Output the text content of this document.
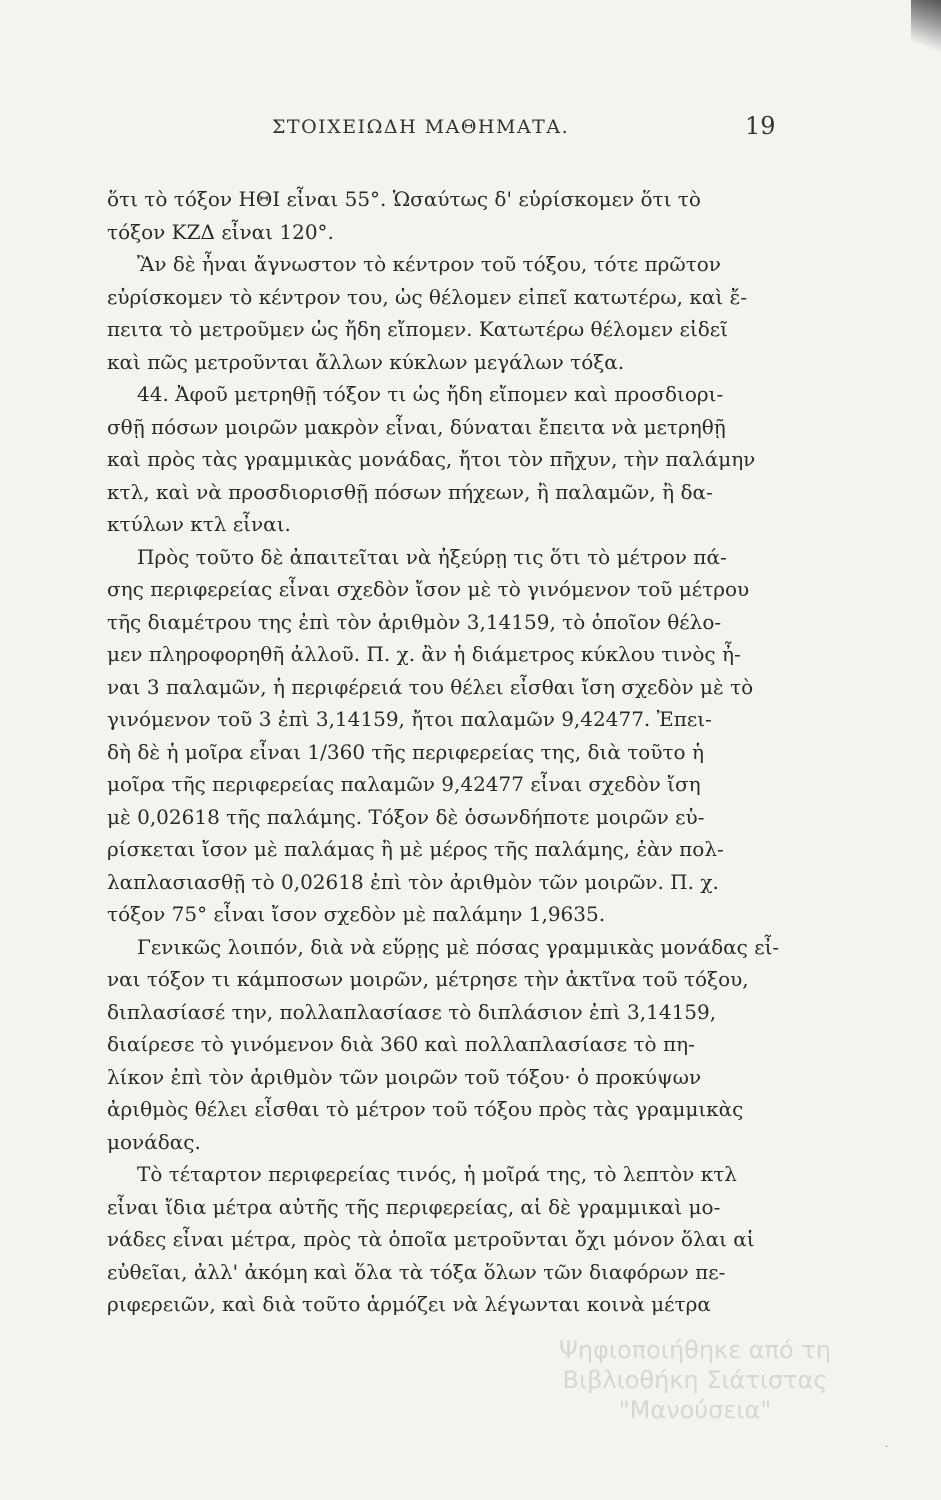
ΣΤΟΙΧΕΙΩΔΗ ΜΑΘΗΜΑΤΑ.	19
ὅτι τὸ τόξον ΗΘΙ εἶναι 55°. Ὡσαύτως δ' εὑρίσκομεν ὅτι τὸ
τόξον ΚΖΔ εἶναι 120°.
Ἂν δὲ ἦναι ἄγνωστον τὸ κέντρον τοῦ τόξου, τότε πρῶτον
εὑρίσκομεν τὸ κέντρον του, ὡς θέλομεν εἰπεῖ κατωτέρω, καὶ ἔ-
πειτα τὸ μετροῦμεν ὡς ἤδη εἴπομεν. Κατωτέρω θέλομεν εἰδεῖ
καὶ πῶς μετροῦνται ἄλλων κύκλων μεγάλων τόξα.
44. Ἀφοῦ μετρηθῇ τόξον τι ὡς ἤδη εἴπομεν καὶ προσδιορι-
σθῇ πόσων μοιρῶν μακρὸν εἶναι, δύναται ἔπειτα νὰ μετρηθῇ
καὶ πρὸς τὰς γραμμικὰς μονάδας, ἤτοι τὸν πῆχυν, τὴν παλάμην
κτλ, καὶ νὰ προσδιορισθῇ πόσων πήχεων, ἢ παλαμῶν, ἢ δα-
κτύλων κτλ εἶναι.
Πρὸς τοῦτο δὲ ἀπαιτεῖται νὰ ἠξεύρῃ τις ὅτι τὸ μέτρον πά-
σης περιφερείας εἶναι σχεδὸν ἴσον μὲ τὸ γινόμενον τοῦ μέτρου
τῆς διαμέτρου της ἐπὶ τὸν ἀριθμὸν 3,14159, τὸ ὁποῖον θέλο-
μεν πληροφορηθῆ ἀλλοῦ. Π. χ. ἂν ἡ διάμετρος κύκλου τινὸς ἦ-
ναι 3 παλαμῶν, ἡ περιφέρειά του θέλει εἶσθαι ἴση σχεδὸν μὲ τὸ
γινόμενον τοῦ 3 ἐπὶ 3,14159, ἤτοι παλαμῶν 9,42477. Ἐπει-
δὴ δὲ ἡ μοῖρα εἶναι 1/360 τῆς περιφερείας της, διὰ τοῦτο ἡ
μοῖρα τῆς περιφερείας παλαμῶν 9,42477 εἶναι σχεδὸν ἴση
μὲ 0,02618 τῆς παλάμης. Τόξον δὲ ὁσωνδήποτε μοιρῶν εὑ-
ρίσκεται ἴσον μὲ παλάμας ἢ μὲ μέρος τῆς παλάμης, ἐὰν πολ-
λαπλασιασθῇ τὸ 0,02618 ἐπὶ τὸν ἀριθμὸν τῶν μοιρῶν. Π. χ.
τόξον 75° εἶναι ἴσον σχεδὸν μὲ παλάμην 1,9635.
Γενικῶς λοιπόν, διὰ νὰ εὕρῃς μὲ πόσας γραμμικὰς μονάδας εἶ-
ναι τόξον τι κάμποσων μοιρῶν, μέτρησε τὴν ἀκτῖνα τοῦ τόξου,
διπλασίασέ την, πολλαπλασίασε τὸ διπλάσιον ἐπὶ 3,14159,
διαίρεσε τὸ γινόμενον διὰ 360 καὶ πολλαπλασίασε τὸ πη-
λίκον ἐπὶ τὸν ἀριθμὸν τῶν μοιρῶν τοῦ τόξου· ὁ προκύψων
ἀριθμὸς θέλει εἶσθαι τὸ μέτρον τοῦ τόξου πρὸς τὰς γραμμικὰς
μονάδας.
Τὸ τέταρτον περιφερείας τινός, ἡ μοῖρά της, τὸ λεπτὸν κτλ
εἶναι ἴδια μέτρα αὐτῆς τῆς περιφερείας, αἱ δὲ γραμμικαὶ μο-
νάδες εἶναι μέτρα, πρὸς τὰ ὁποῖα μετροῦνται ὄχι μόνον ὅλαι αἱ
εὐθεῖαι, ἀλλ' ἀκόμη καὶ ὅλα τὰ τόξα ὅλων τῶν διαφόρων πε-
ριφερειῶν, καὶ διὰ τοῦτο ἁρμόζει νὰ λέγωνται κοινὰ μέτρα
Ψηφιοποιήθηκε από τη Βιβλιοθήκη Σιάτιστας "Μανούσεια"
·
